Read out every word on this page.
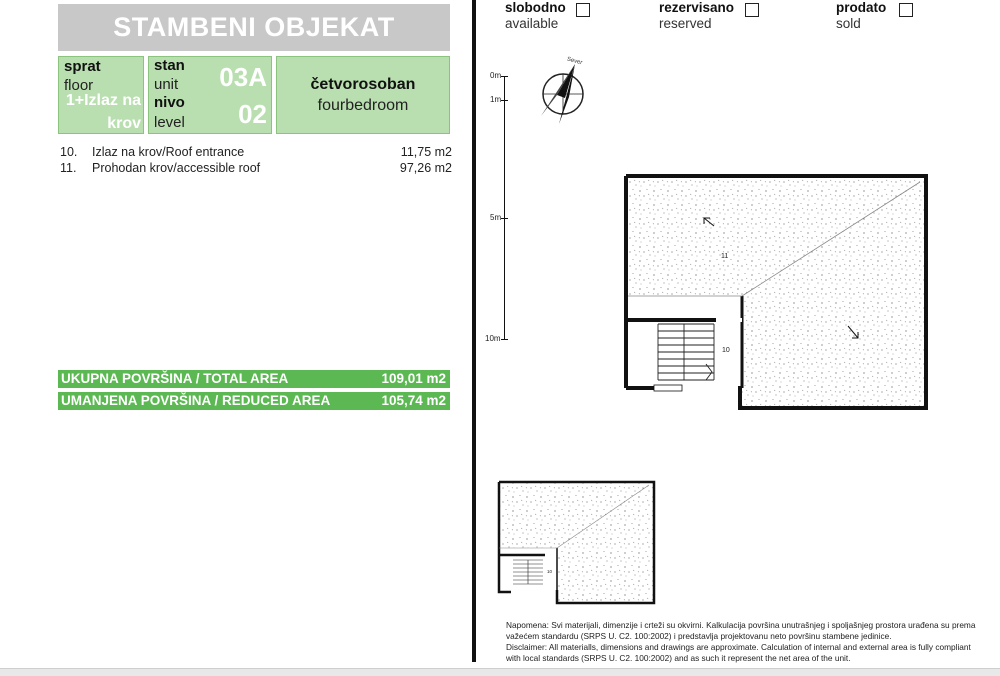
STAMBENI OBJEKAT
sprat
floor
1+Izlaz na krov
stan
unit 03A
nivo
level 02
četvorosoban
fourbedroom
10. Izlaz na krov/Roof entrance	11,75 m2
11. Prohodan krov/accessible roof	97,26 m2
UKUPNA POVRŠINA / TOTAL AREA	109,01 m2
UMANJENA POVRŠINA / REDUCED AREA	105,74 m2
slobodno
available
rezervisano
reserved
prodato
sold
0m
1m
5m
10m
Sever
11
10
10
Napomena: Svi materijali, dimenzije i crteži su okvirni. Kalkulacija površina unutrašnjeg i spoljašnjeg prostora urađena su prema važećem standardu (SRPS U. C2. 100:2002) i predstavlja projektovanu neto površinu stambene jedinice.
Disclaimer: All materialls, dimensions and drawings are approximate. Calculation of internal and external area is fully compliant with local standards (SRPS U. C2. 100:2002) and as such it represent the net area of the unit.
